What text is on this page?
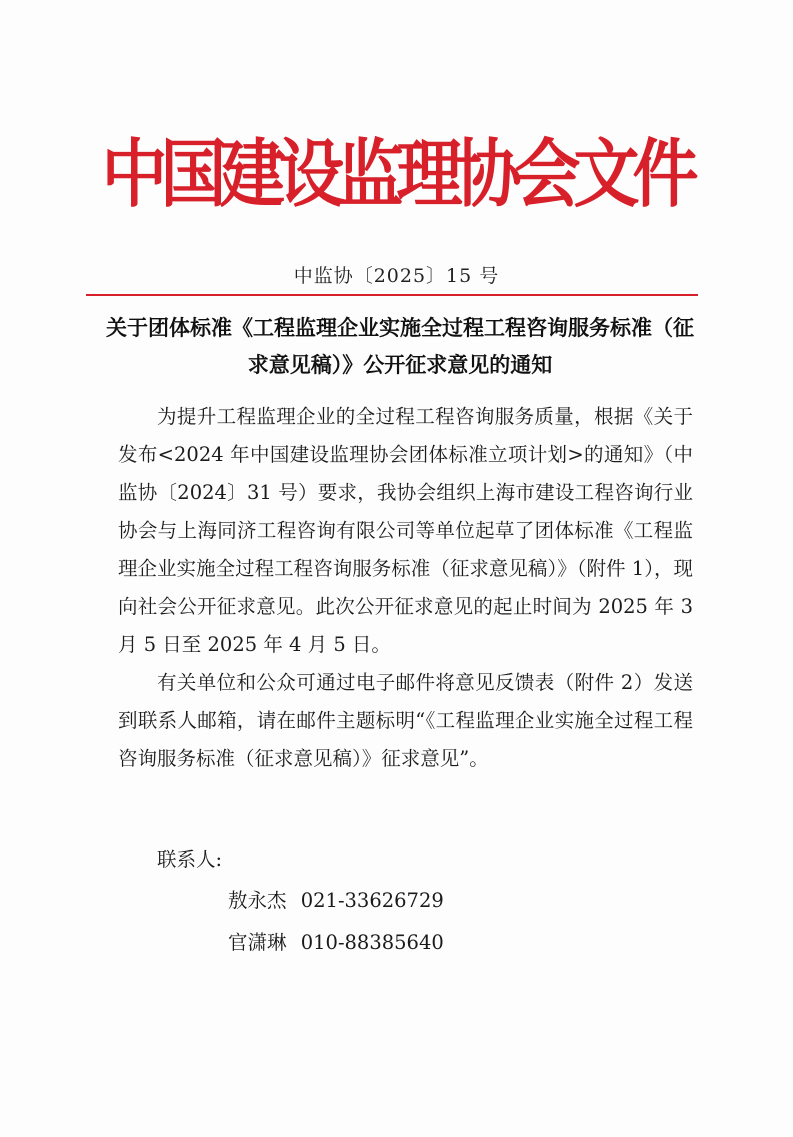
中国建设监理协会文件
中监协〔2025〕15 号
关于团体标准《工程监理企业实施全过程工程咨询服务标准（征求意见稿）》公开征求意见的通知

为提升工程监理企业的全过程工程咨询服务质量，根据《关于发布<2024 年中国建设监理协会团体标准立项计划>的通知》（中监协〔2024〕31 号）要求，我协会组织上海市建设工程咨询行业协会与上海同济工程咨询有限公司等单位起草了团体标准《工程监理企业实施全过程工程咨询服务标准（征求意见稿）》（附件 1），现向社会公开征求意见。此次公开征求意见的起止时间为 2025 年 3 月 5 日至 2025 年 4 月 5 日。

有关单位和公众可通过电子邮件将意见反馈表（附件 2）发送到联系人邮箱，请在邮件主题标明“《工程监理企业实施全过程工程咨询服务标准（征求意见稿）》征求意见”。

联系人:
敖永杰 021-33626729
官潇琳 010-88385640
